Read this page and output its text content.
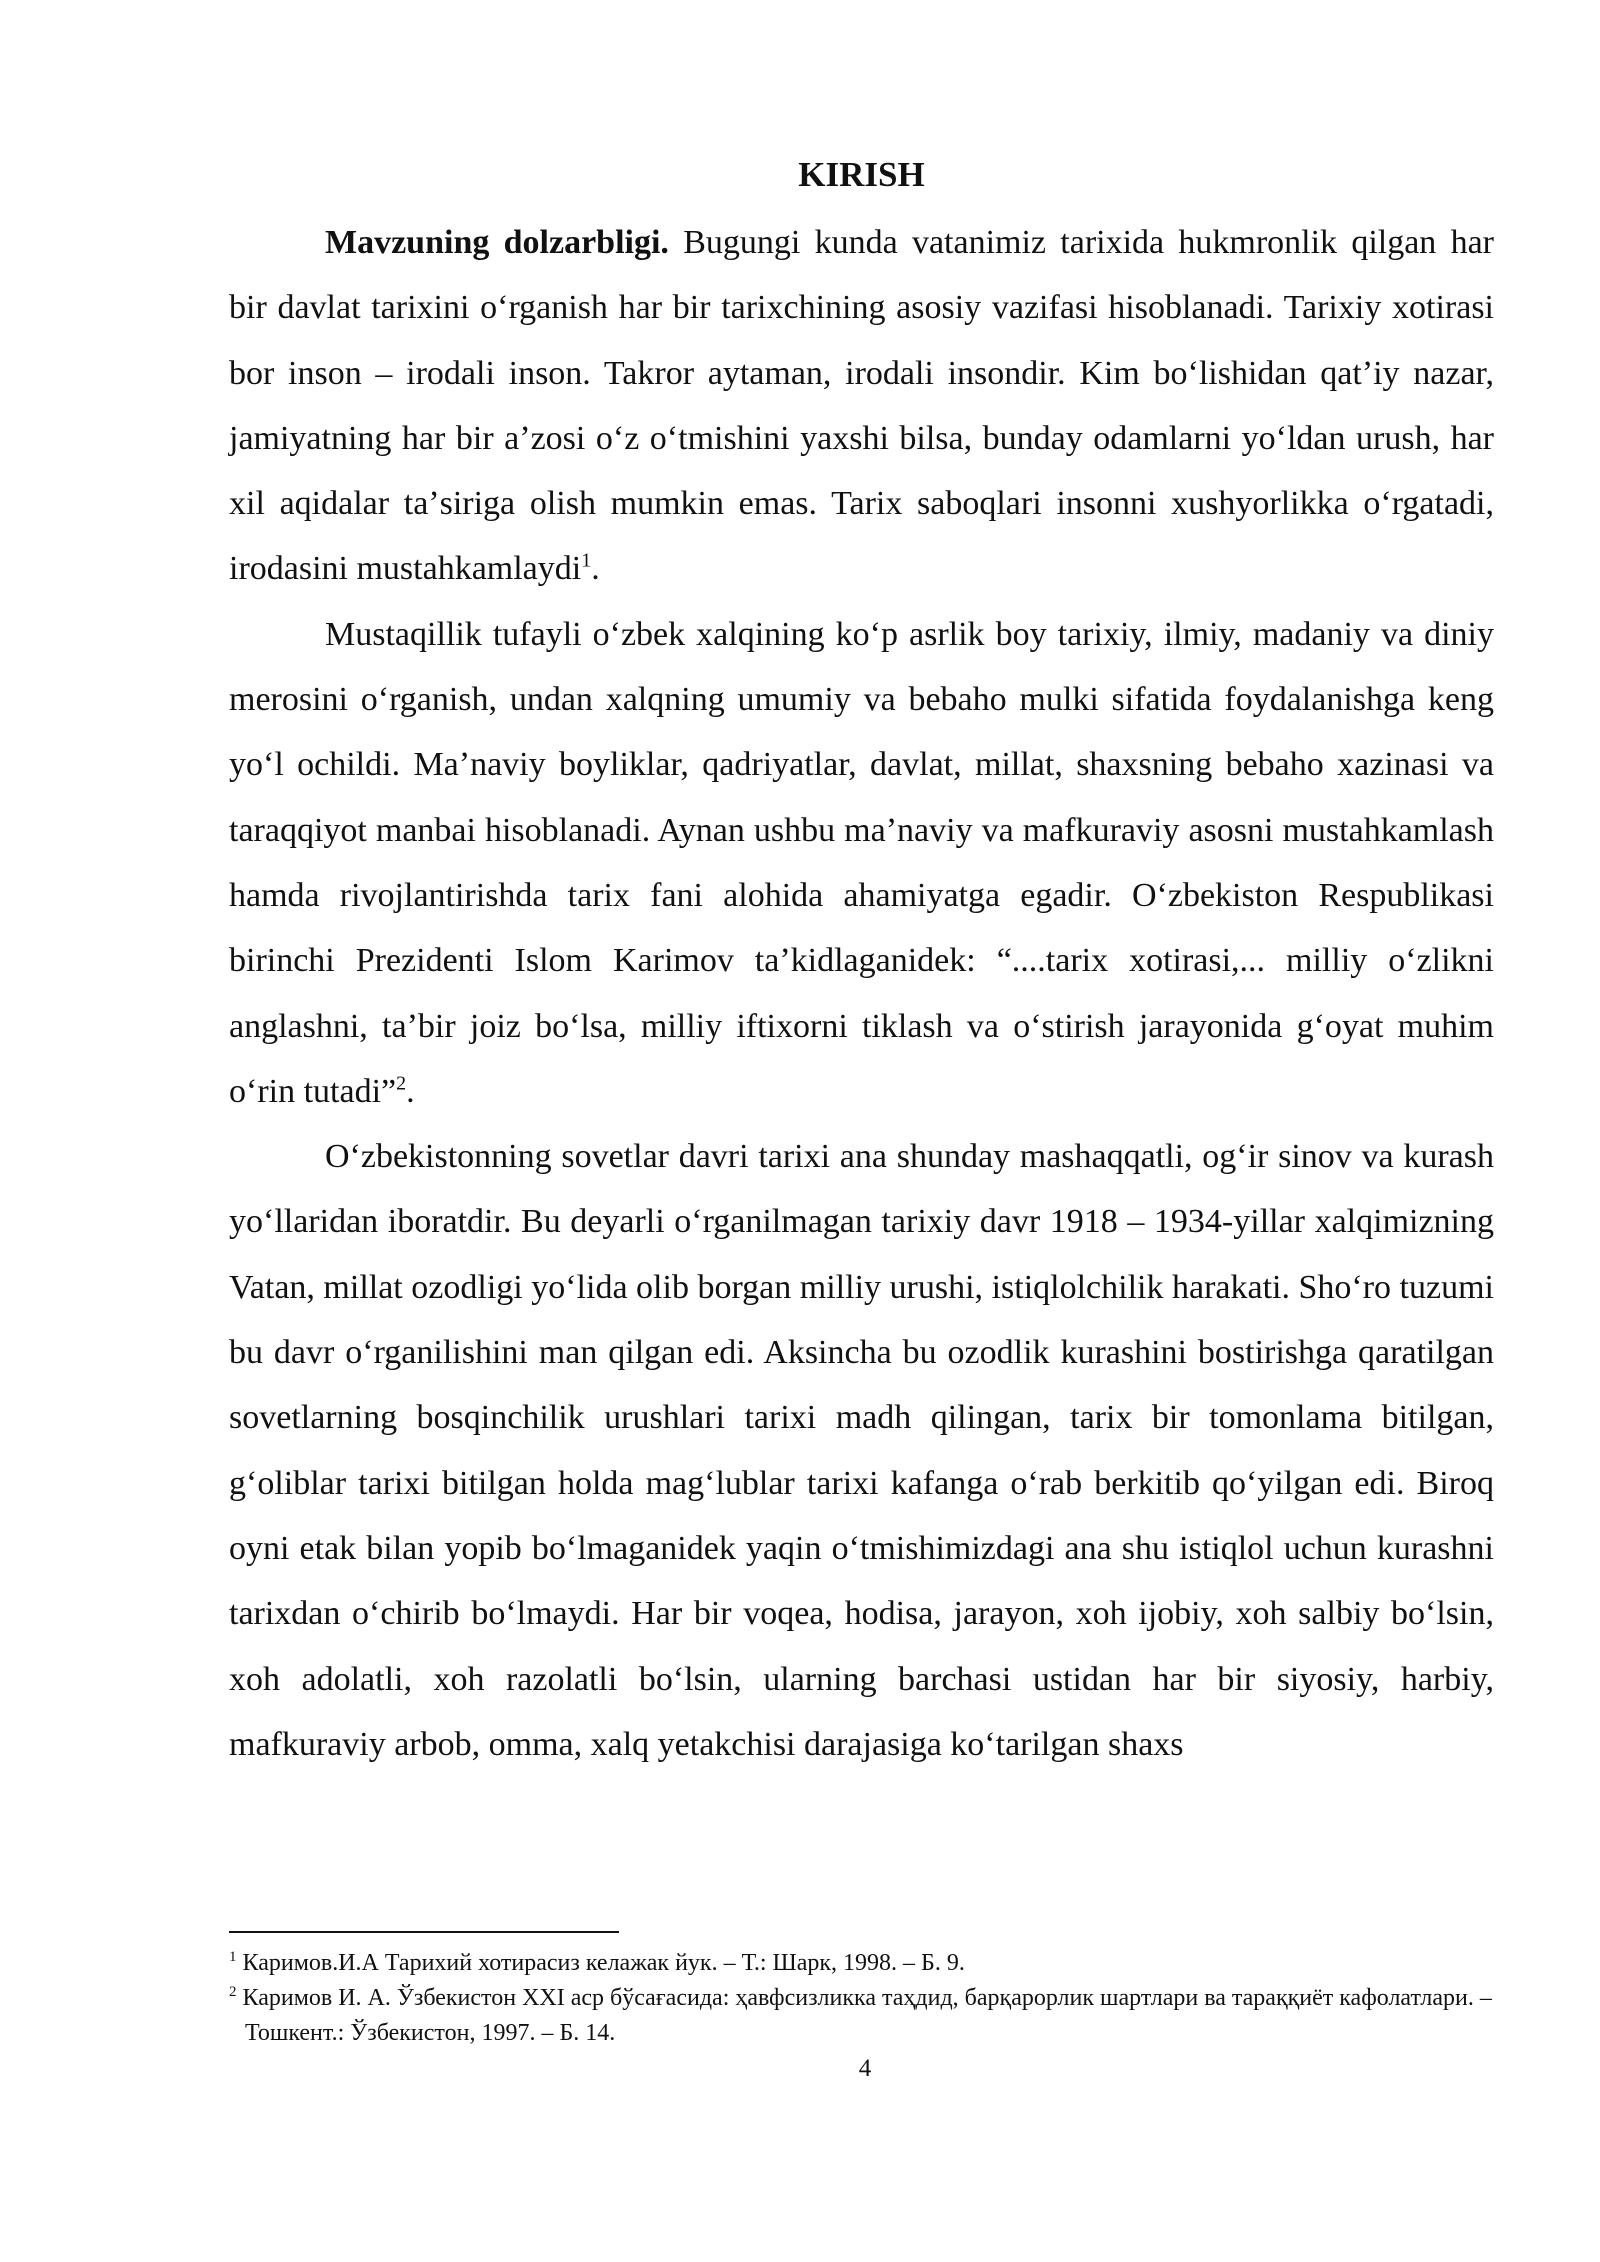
KIRISH

Mavzuning dolzarbligi. Bugungi kunda vatanimiz tarixida hukmronlik qilgan har bir davlat tarixini oʻrganish har bir tarixchining asosiy vazifasi hisoblanadi. Tarixiy xotirasi bor inson – irodali inson. Takror aytaman, irodali insondir. Kim boʻlishidan qatʼiy nazar, jamiyatning har bir aʼzosi oʻz oʻtmishini yaxshi bilsa, bunday odamlarni yoʻldan urush, har xil aqidalar taʼsiriga olish mumkin emas. Tarix saboqlari insonni xushyorlikka oʻrgatadi, irodasini mustahkamlaydi$^1$.

Mustaqillik tufayli oʻzbek xalqining koʻp asrlik boy tarixiy, ilmiy, madaniy va diniy merosini oʻrganish, undan xalqning umumiy va bebaho mulki sifatida foydalanishga keng yoʻl ochildi. Maʼnaviy boyliklar, qadriyatlar, davlat, millat, shaxsning bebaho xazinasi va taraqqiyot manbai hisoblanadi. Aynan ushbu maʼnaviy va mafkuraviy asosni mustahkamlash hamda rivojlantirishda tarix fani alohida ahamiyatga egadir. Oʻzbekiston Respublikasi birinchi Prezidenti Islom Karimov taʼkidlaganidek: “....tarix xotirasi,... milliy oʻzlikni anglashni, taʼbir joiz boʻlsa, milliy iftixorni tiklash va oʻstirish jarayonida gʻoyat muhim oʻrin tutadi”$^2$.

Oʻzbekistonning sovetlar davri tarixi ana shunday mashaqqatli, ogʻir sinov va kurash yoʻllaridan iboratdir. Bu deyarli oʻrganilmagan tarixiy davr 1918 – 1934-yillar xalqimizning Vatan, millat ozodligi yoʻlida olib borgan milliy urushi, istiqlolchilik harakati. Shoʻro tuzumi bu davr oʻrganilishini man qilgan edi. Aksincha bu ozodlik kurashini bostirishga qaratilgan sovetlarning bosqinchilik urushlari tarixi madh qilingan, tarix bir tomonlama bitilgan, gʻoliblar tarixi bitilgan holda magʻlublar tarixi kafanga oʻrab berkitib qoʻyilgan edi. Biroq oyni etak bilan yopib boʻlmaganidek yaqin oʻtmishimizdagi ana shu istiqlol uchun kurashni tarixdan oʻchirib boʻlmaydi. Har bir voqea, hodisa, jarayon, xoh ijobiy, xoh salbiy boʻlsin, xoh adolatli, xoh razolatli boʻlsin, ularning barchasi ustidan har bir siyosiy, harbiy, mafkuraviy arbob, omma, xalq yetakchisi darajasiga koʻtarilgan shaxs

$^1$ Каримов.И.А Тарихий хотирасиз келажак йук. – Т.: Шарк, 1998. – Б. 9.

$^2$ Каримов И. А. Ўзбекистон XXI аср бўсағасида: ҳавфсизликка таҳдид, барқарорлик шартлари ва тараққиёт кафолатлари. – Тошкент.: Ўзбекистон, 1997. – Б. 14.

4
